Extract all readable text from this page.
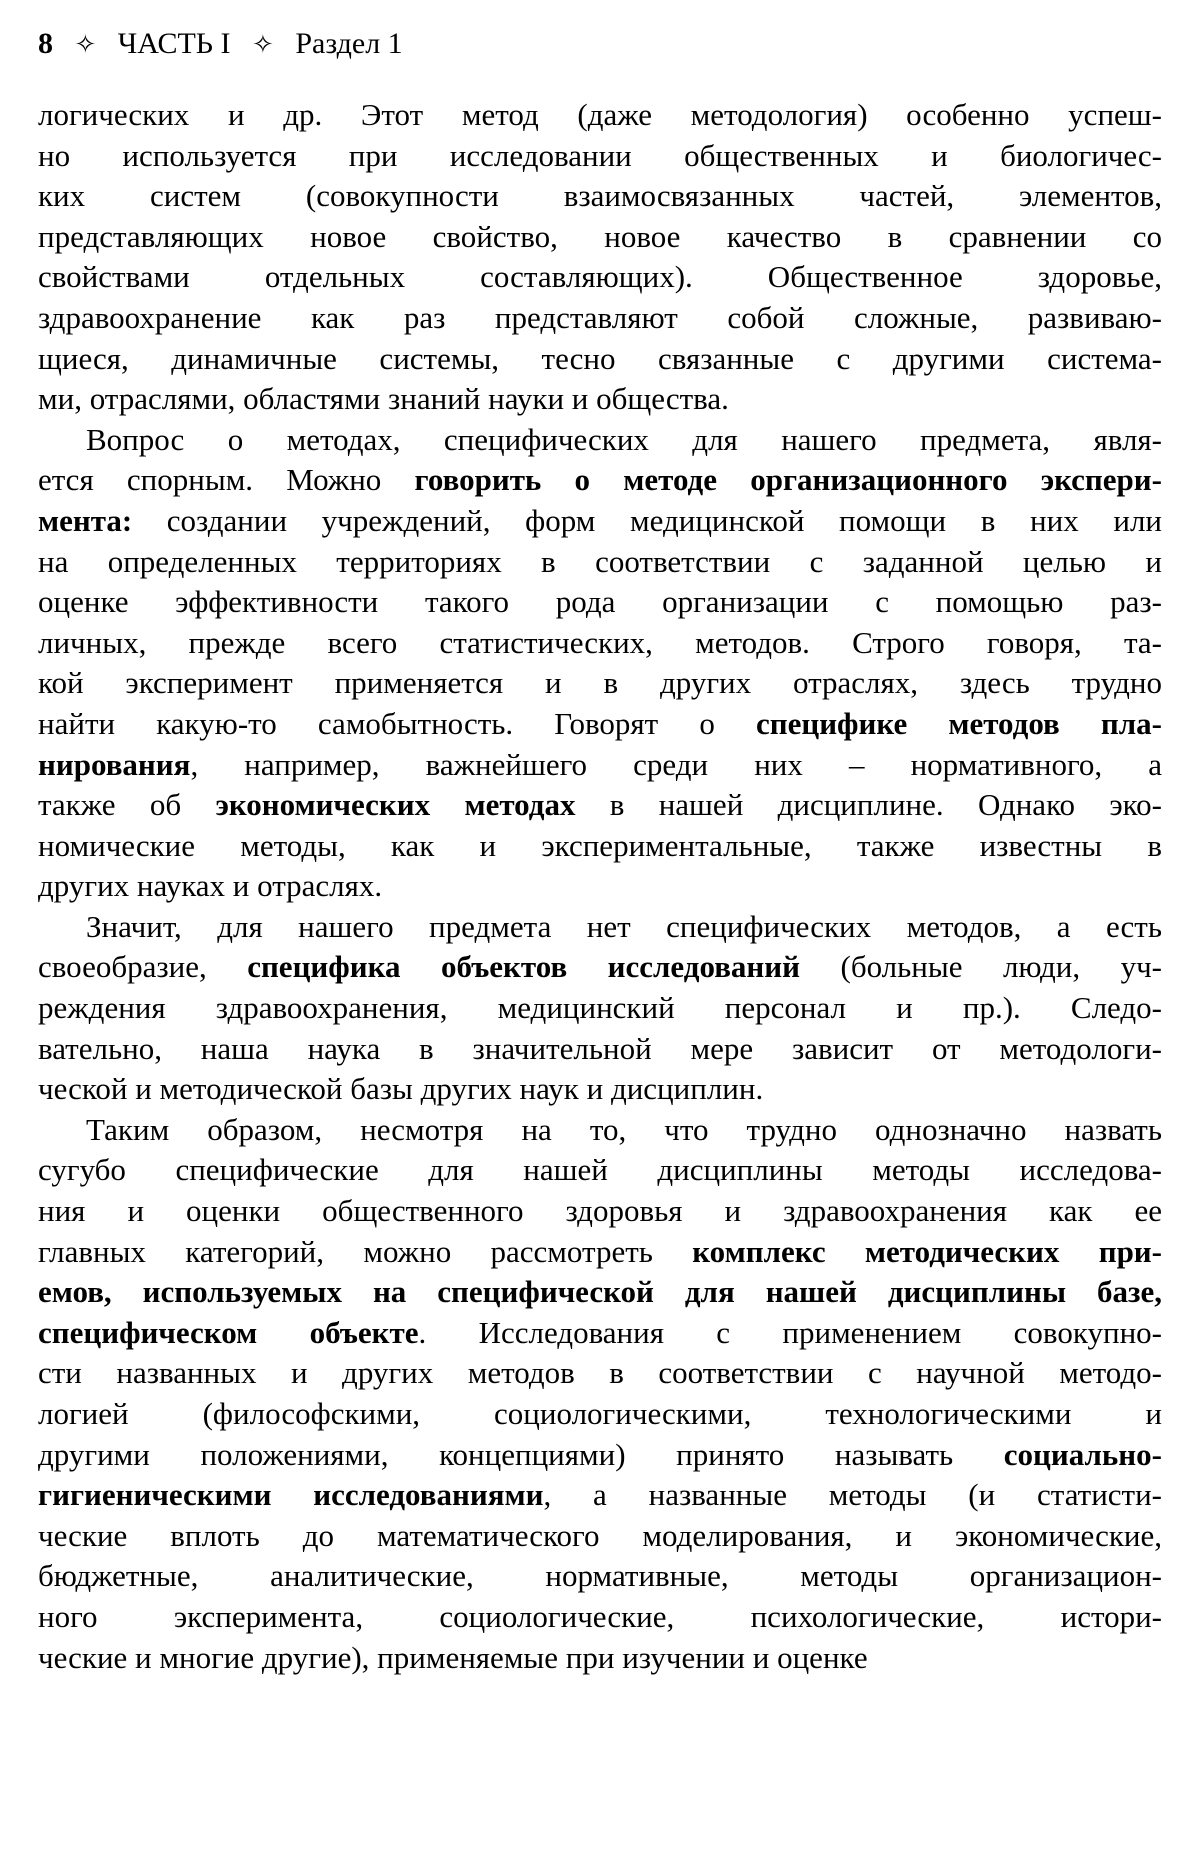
8 ✧ ЧАСТЬ I ✧ Раздел 1
логических и др. Этот метод (даже методология) особенно успеш-
но используется при исследовании общественных и биологичес-
ких систем (совокупности взаимосвязанных частей, элементов,
представляющих новое свойство, новое качество в сравнении со
свойствами отдельных составляющих). Общественное здоровье,
здравоохранение как раз представляют собой сложные, развиваю-
щиеся, динамичные системы, тесно связанные с другими система-
ми, отраслями, областями знаний науки и общества.
Вопрос о методах, специфических для нашего предмета, явля-
ется спорным. Можно говорить о методе организационного экспери-
мента: создании учреждений, форм медицинской помощи в них или
на определенных территориях в соответствии с заданной целью и
оценке эффективности такого рода организации с помощью раз-
личных, прежде всего статистических, методов. Строго говоря, та-
кой эксперимент применяется и в других отраслях, здесь трудно
найти какую-то самобытность. Говорят о специфике методов пла-
нирования, например, важнейшего среди них – нормативного, а
также об экономических методах в нашей дисциплине. Однако эко-
номические методы, как и экспериментальные, также известны в
других науках и отраслях.
Значит, для нашего предмета нет специфических методов, а есть
своеобразие, специфика объектов исследований (больные люди, уч-
реждения здравоохранения, медицинский персонал и пр.). Следо-
вательно, наша наука в значительной мере зависит от методологи-
ческой и методической базы других наук и дисциплин.
Таким образом, несмотря на то, что трудно однозначно назвать
сугубо специфические для нашей дисциплины методы исследова-
ния и оценки общественного здоровья и здравоохранения как ее
главных категорий, можно рассмотреть комплекс методических при-
емов, используемых на специфической для нашей дисциплины базе,
специфическом объекте. Исследования с применением совокупно-
сти названных и других методов в соответствии с научной методо-
логией (философскими, социологическими, технологическими и
другими положениями, концепциями) принято называть социально-
гигиеническими исследованиями, а названные методы (и статисти-
ческие вплоть до математического моделирования, и экономические,
бюджетные, аналитические, нормативные, методы организацион-
ного эксперимента, социологические, психологические, истори-
ческие и многие другие), применяемые при изучении и оценке
